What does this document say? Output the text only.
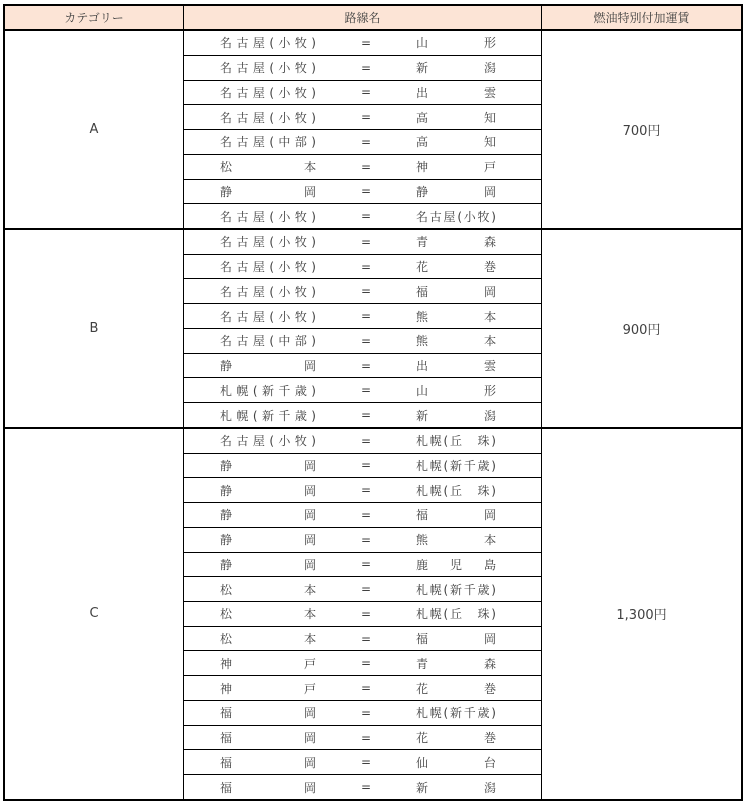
カテゴリー	路線名	燃油特別付加運賃
A
名古屋(小牧)	=	山形
名古屋(小牧)	=	新潟
名古屋(小牧)	=	出雲
名古屋(小牧)	=	高知
名古屋(中部)	=	高知
松本	=	神戸
静岡	=	静岡
名古屋(小牧)	=	名古屋(小牧)
700円
B
名古屋(小牧)	=	青森
名古屋(小牧)	=	花巻
名古屋(小牧)	=	福岡
名古屋(小牧)	=	熊本
名古屋(中部)	=	熊本
静岡	=	出雲
札幌(新千歳)	=	山形
札幌(新千歳)	=	新潟
900円
C
名古屋(小牧)	=	札幌(丘　珠)
静岡	=	札幌(新千歳)
静岡	=	札幌(丘　珠)
静岡	=	福岡
静岡	=	熊本
静岡	=	鹿児島
松本	=	札幌(新千歳)
松本	=	札幌(丘　珠)
松本	=	福岡
神戸	=	青森
神戸	=	花巻
福岡	=	札幌(新千歳)
福岡	=	花巻
福岡	=	仙台
福岡	=	新潟
1,300円
